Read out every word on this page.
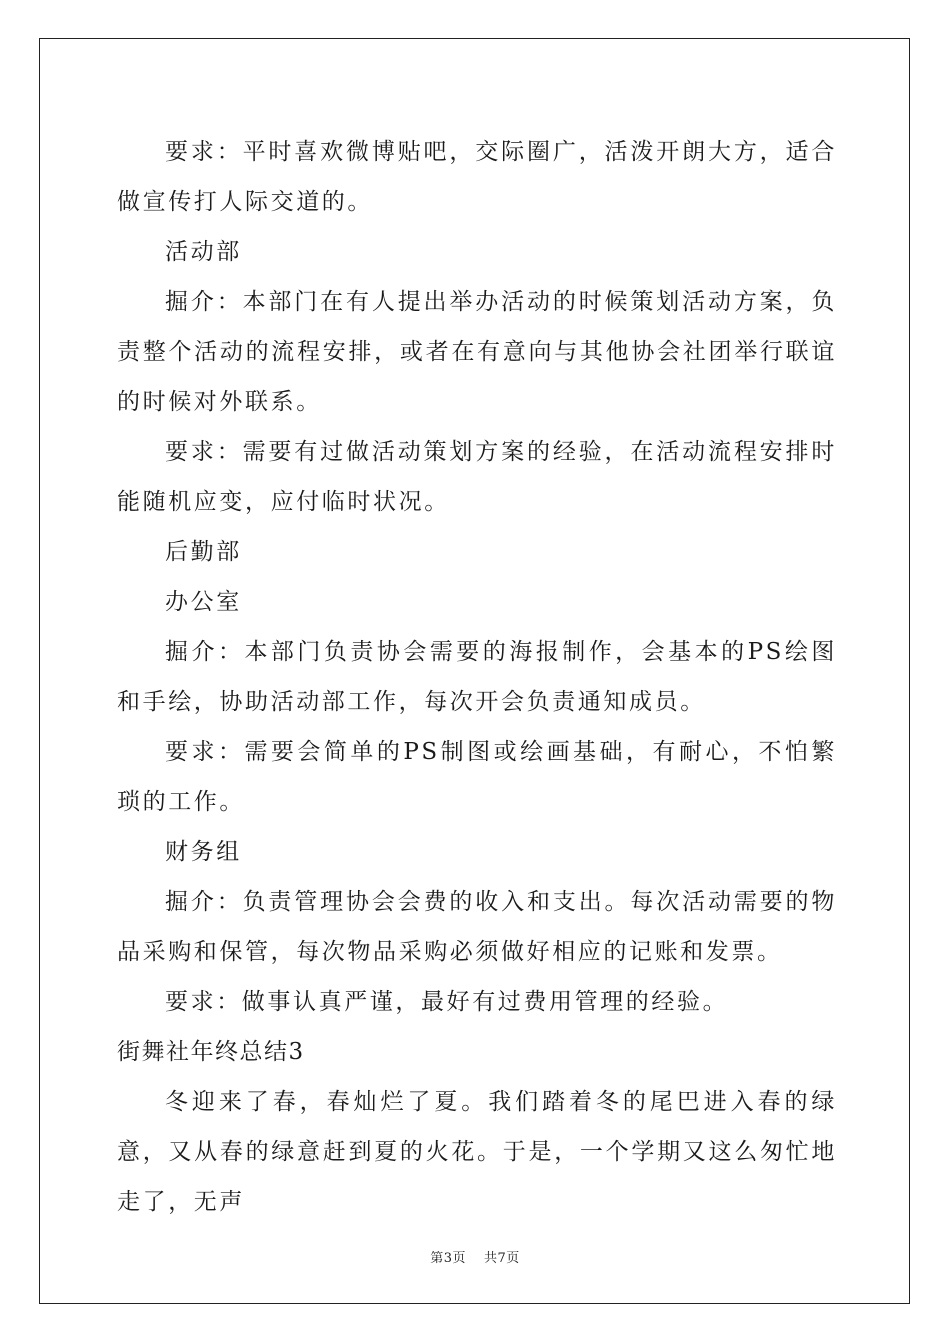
要求：平时喜欢微博贴吧，交际圈广，活泼开朗大方，适合做宣传打人际交道的。

活动部

掘介：本部门在有人提出举办活动的时候策划活动方案，负责整个活动的流程安排，或者在有意向与其他协会社团举行联谊的时候对外联系。

要求：需要有过做活动策划方案的经验，在活动流程安排时能随机应变，应付临时状况。

后勤部

办公室

掘介：本部门负责协会需要的海报制作，会基本的PS绘图和手绘，协助活动部工作，每次开会负责通知成员。

要求：需要会简单的PS制图或绘画基础，有耐心，不怕繁琐的工作。

财务组

掘介：负责管理协会会费的收入和支出。每次活动需要的物品采购和保管，每次物品采购必须做好相应的记账和发票。

要求：做事认真严谨，最好有过费用管理的经验。

街舞社年终总结3

冬迎来了春，春灿烂了夏。我们踏着冬的尾巴进入春的绿意，又从春的绿意赶到夏的火花。于是，一个学期又这么匆忙地走了，无声

第3页 共7页
